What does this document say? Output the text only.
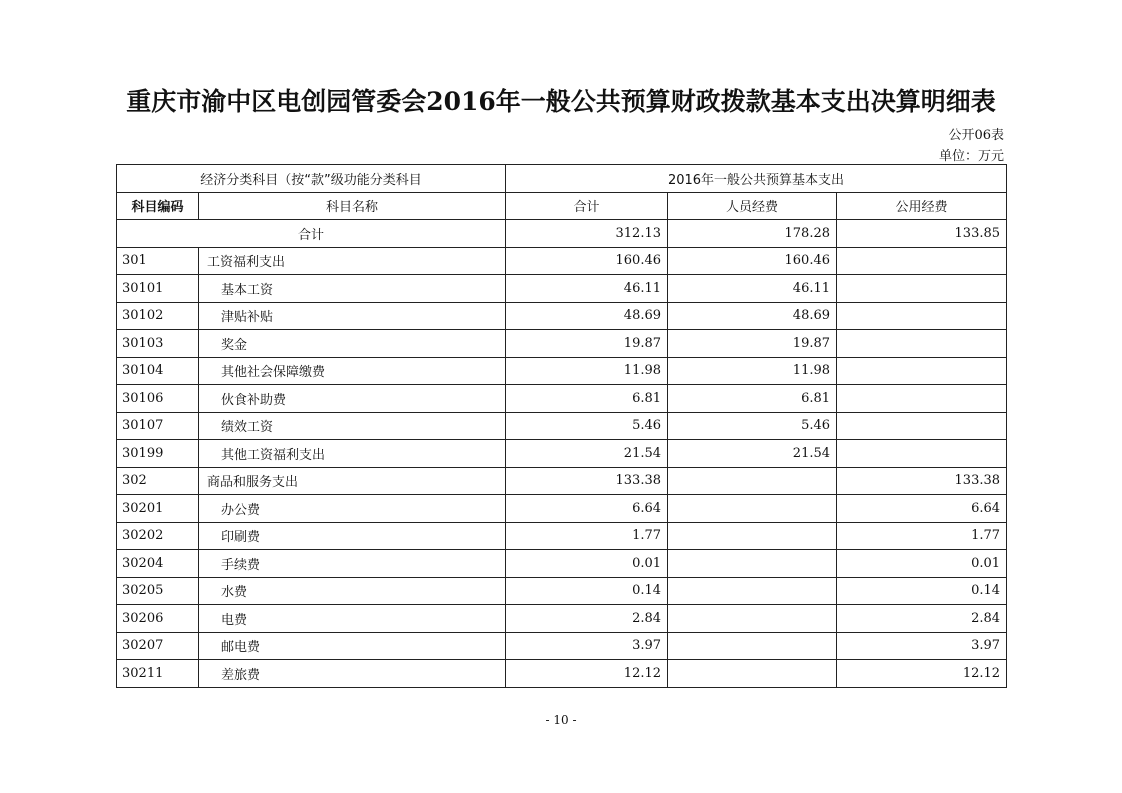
重庆市渝中区电创园管委会2016年一般公共预算财政拨款基本支出决算明细表
公开06表
单位：万元
经济分类科目（按“款”级功能分类科目		2016年一般公共预算基本支出		
科目编码	科目名称	合计	人员经费	公用经费
合计		312.13	178.28	133.85
301	工资福利支出	160.46	160.46	
30101	基本工资	46.11	46.11	
30102	津贴补贴	48.69	48.69	
30103	奖金	19.87	19.87	
30104	其他社会保障缴费	11.98	11.98	
30106	伙食补助费	6.81	6.81	
30107	绩效工资	5.46	5.46	
30199	其他工资福利支出	21.54	21.54	
302	商品和服务支出	133.38		133.38
30201	办公费	6.64		6.64
30202	印刷费	1.77		1.77
30204	手续费	0.01		0.01
30205	水费	0.14		0.14
30206	电费	2.84		2.84
30207	邮电费	3.97		3.97
30211	差旅费	12.12		12.12
- 10 -
